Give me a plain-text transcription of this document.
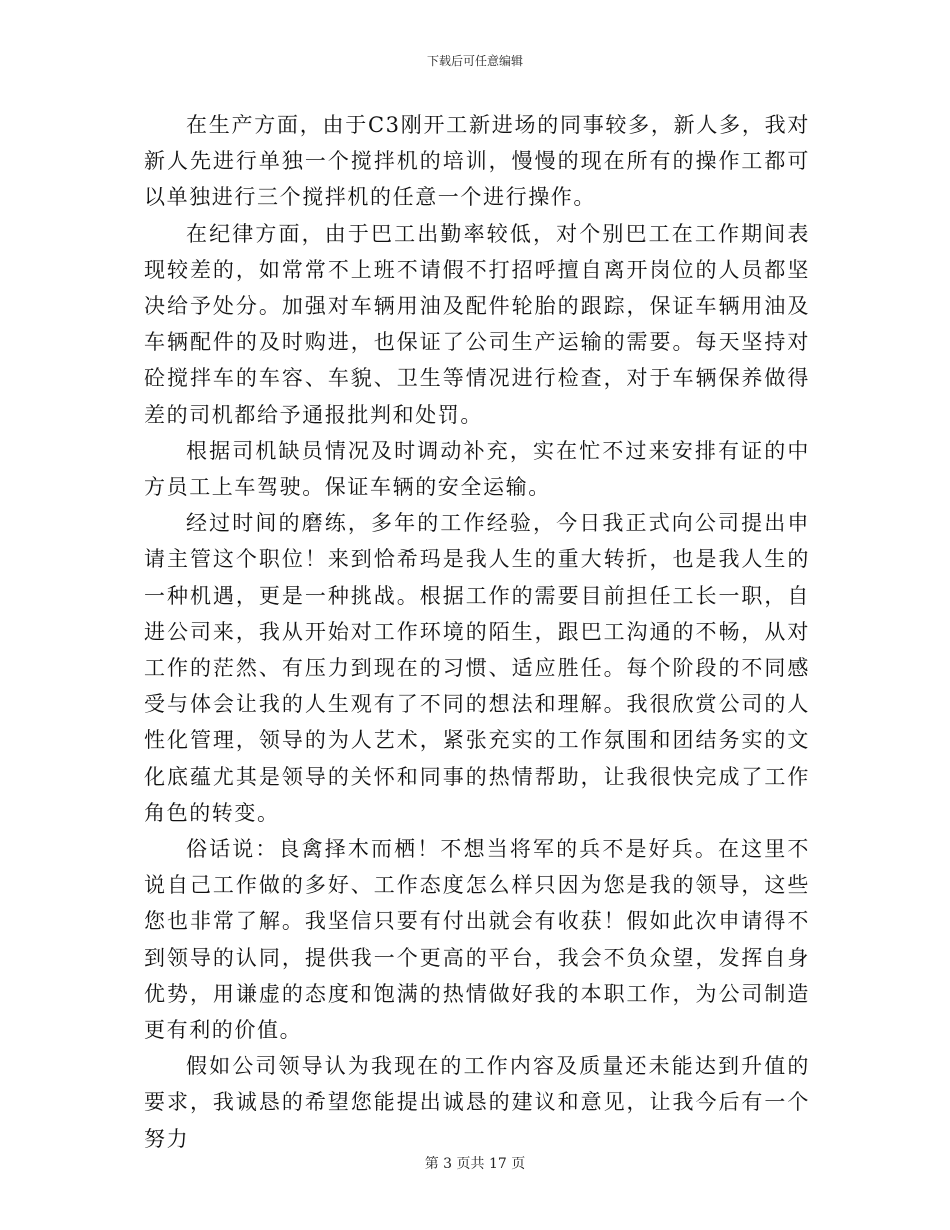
下载后可任意编辑

在生产方面，由于C3刚开工新进场的同事较多，新人多，我对新人先进行单独一个搅拌机的培训，慢慢的现在所有的操作工都可以单独进行三个搅拌机的任意一个进行操作。

在纪律方面，由于巴工出勤率较低，对个别巴工在工作期间表现较差的，如常常不上班不请假不打招呼擅自离开岗位的人员都坚决给予处分。加强对车辆用油及配件轮胎的跟踪，保证车辆用油及车辆配件的及时购进，也保证了公司生产运输的需要。每天坚持对砼搅拌车的车容、车貌、卫生等情况进行检查，对于车辆保养做得差的司机都给予通报批判和处罚。

根据司机缺员情况及时调动补充，实在忙不过来安排有证的中方员工上车驾驶。保证车辆的安全运输。

经过时间的磨练，多年的工作经验，今日我正式向公司提出申请主管这个职位！来到恰希玛是我人生的重大转折，也是我人生的一种机遇，更是一种挑战。根据工作的需要目前担任工长一职，自进公司来，我从开始对工作环境的陌生，跟巴工沟通的不畅，从对工作的茫然、有压力到现在的习惯、适应胜任。每个阶段的不同感受与体会让我的人生观有了不同的想法和理解。我很欣赏公司的人性化管理，领导的为人艺术，紧张充实的工作氛围和团结务实的文化底蕴尤其是领导的关怀和同事的热情帮助，让我很快完成了工作角色的转变。

俗话说：良禽择木而栖！不想当将军的兵不是好兵。在这里不说自己工作做的多好、工作态度怎么样只因为您是我的领导，这些您也非常了解。我坚信只要有付出就会有收获！假如此次申请得不到领导的认同，提供我一个更高的平台，我会不负众望，发挥自身优势，用谦虚的态度和饱满的热情做好我的本职工作，为公司制造更有利的价值。

假如公司领导认为我现在的工作内容及质量还未能达到升值的要求，我诚恳的希望您能提出诚恳的建议和意见，让我今后有一个努力

第 3 页共 17 页
